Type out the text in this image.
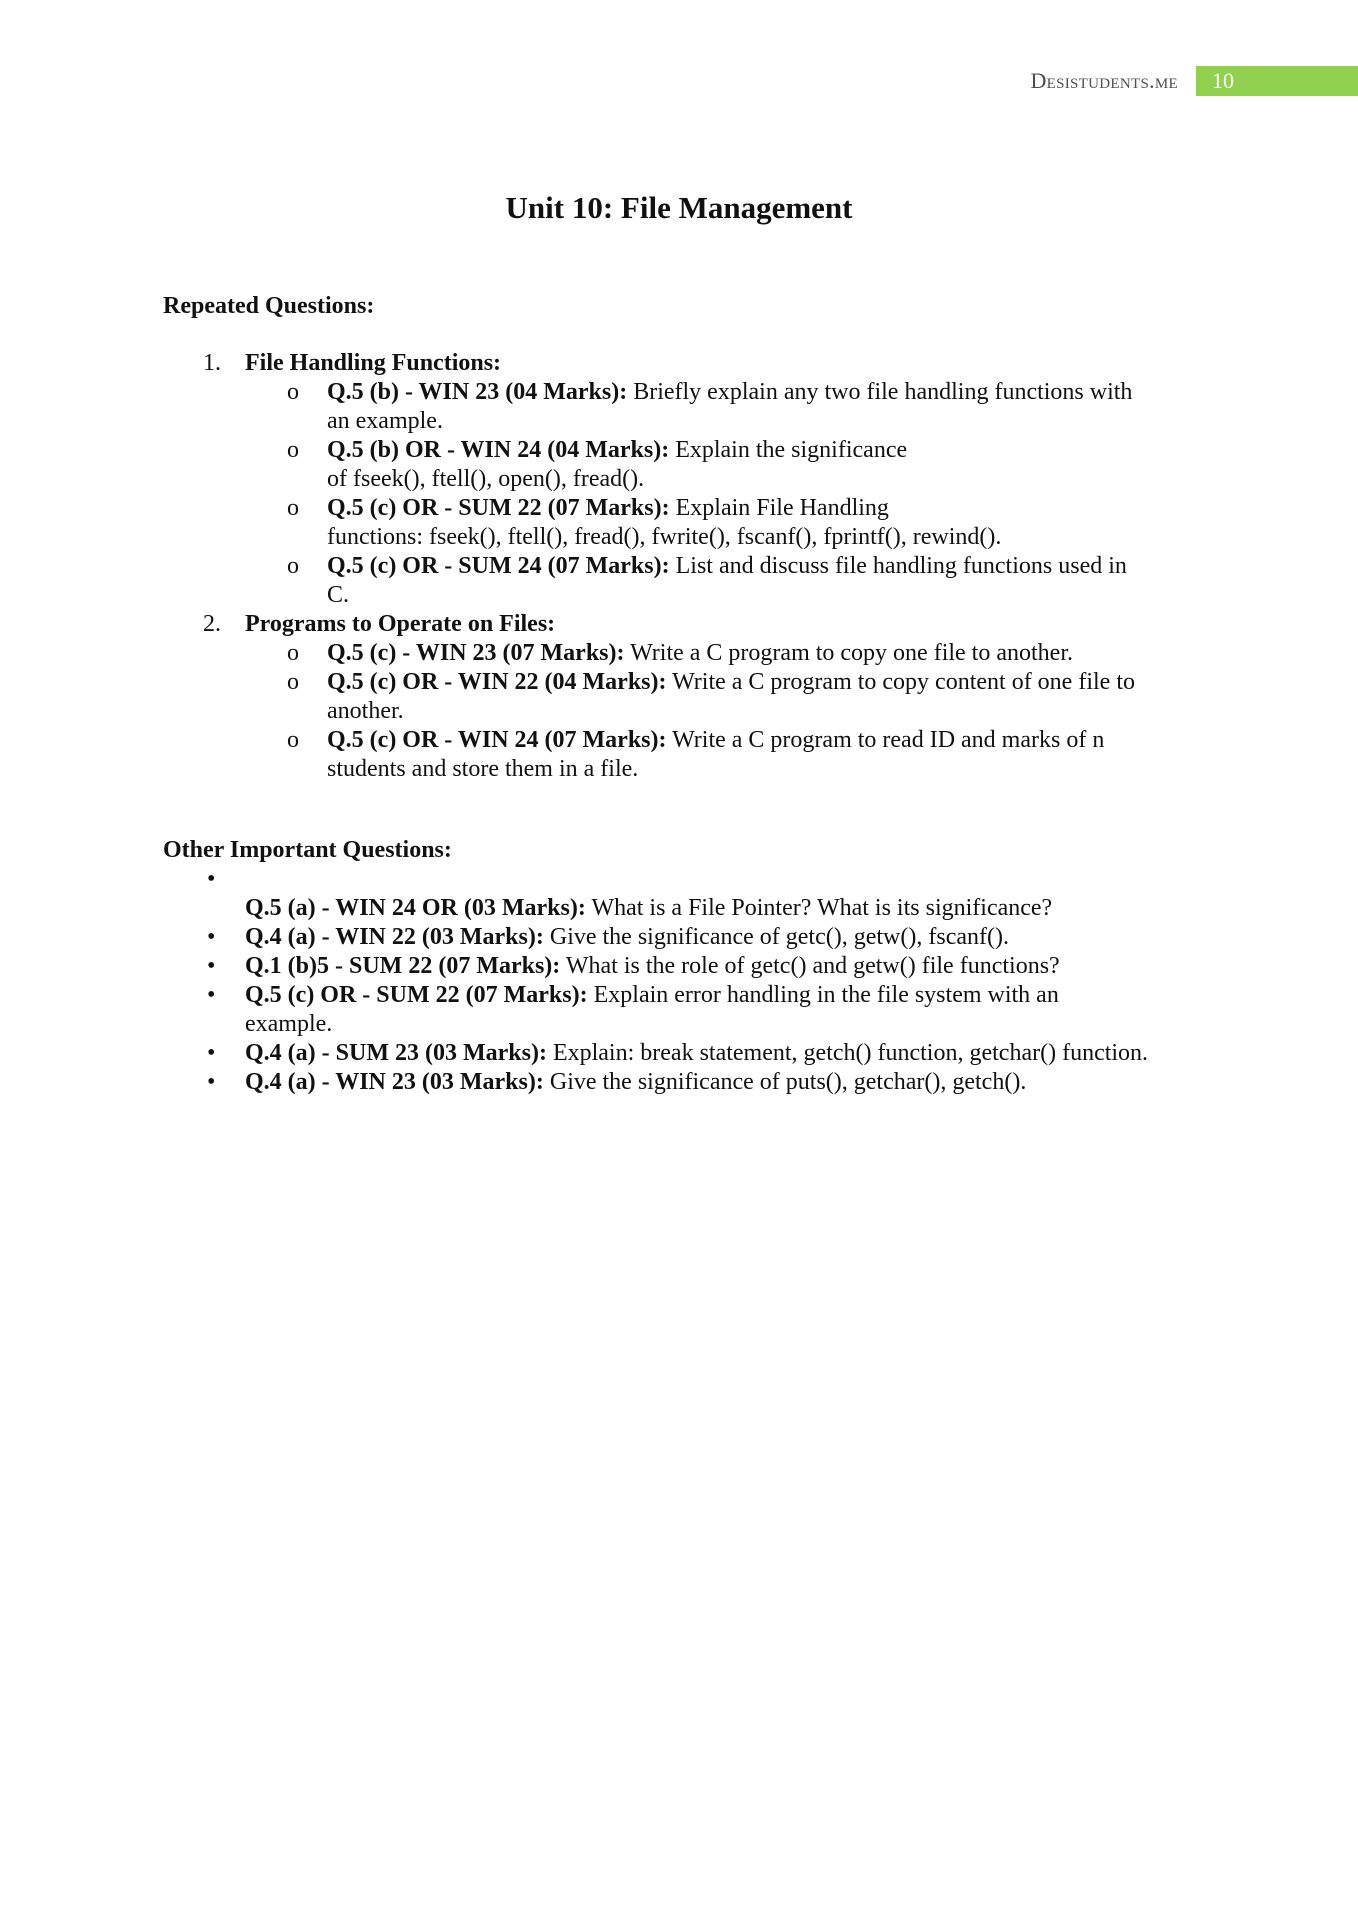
Desistudents.me 10
Unit 10: File Management
Repeated Questions:
1. File Handling Functions:
o Q.5 (b) - WIN 23 (04 Marks): Briefly explain any two file handling functions with
an example.
o Q.5 (b) OR - WIN 24 (04 Marks): Explain the significance
of fseek(), ftell(), open(), fread().
o Q.5 (c) OR - SUM 22 (07 Marks): Explain File Handling
functions: fseek(), ftell(), fread(), fwrite(), fscanf(), fprintf(), rewind().
o Q.5 (c) OR - SUM 24 (07 Marks): List and discuss file handling functions used in
C.
2. Programs to Operate on Files:
o Q.5 (c) - WIN 23 (07 Marks): Write a C program to copy one file to another.
o Q.5 (c) OR - WIN 22 (04 Marks): Write a C program to copy content of one file to
another.
o Q.5 (c) OR - WIN 24 (07 Marks): Write a C program to read ID and marks of n
students and store them in a file.
Other Important Questions:
•

Q.5 (a) - WIN 24 OR (03 Marks): What is a File Pointer? What is its significance?
• Q.4 (a) - WIN 22 (03 Marks): Give the significance of getc(), getw(), fscanf().
• Q.1 (b)5 - SUM 22 (07 Marks): What is the role of getc() and getw() file functions?
• Q.5 (c) OR - SUM 22 (07 Marks): Explain error handling in the file system with an
example.
• Q.4 (a) - SUM 23 (03 Marks): Explain: break statement, getch() function, getchar() function.
• Q.4 (a) - WIN 23 (03 Marks): Give the significance of puts(), getchar(), getch().
